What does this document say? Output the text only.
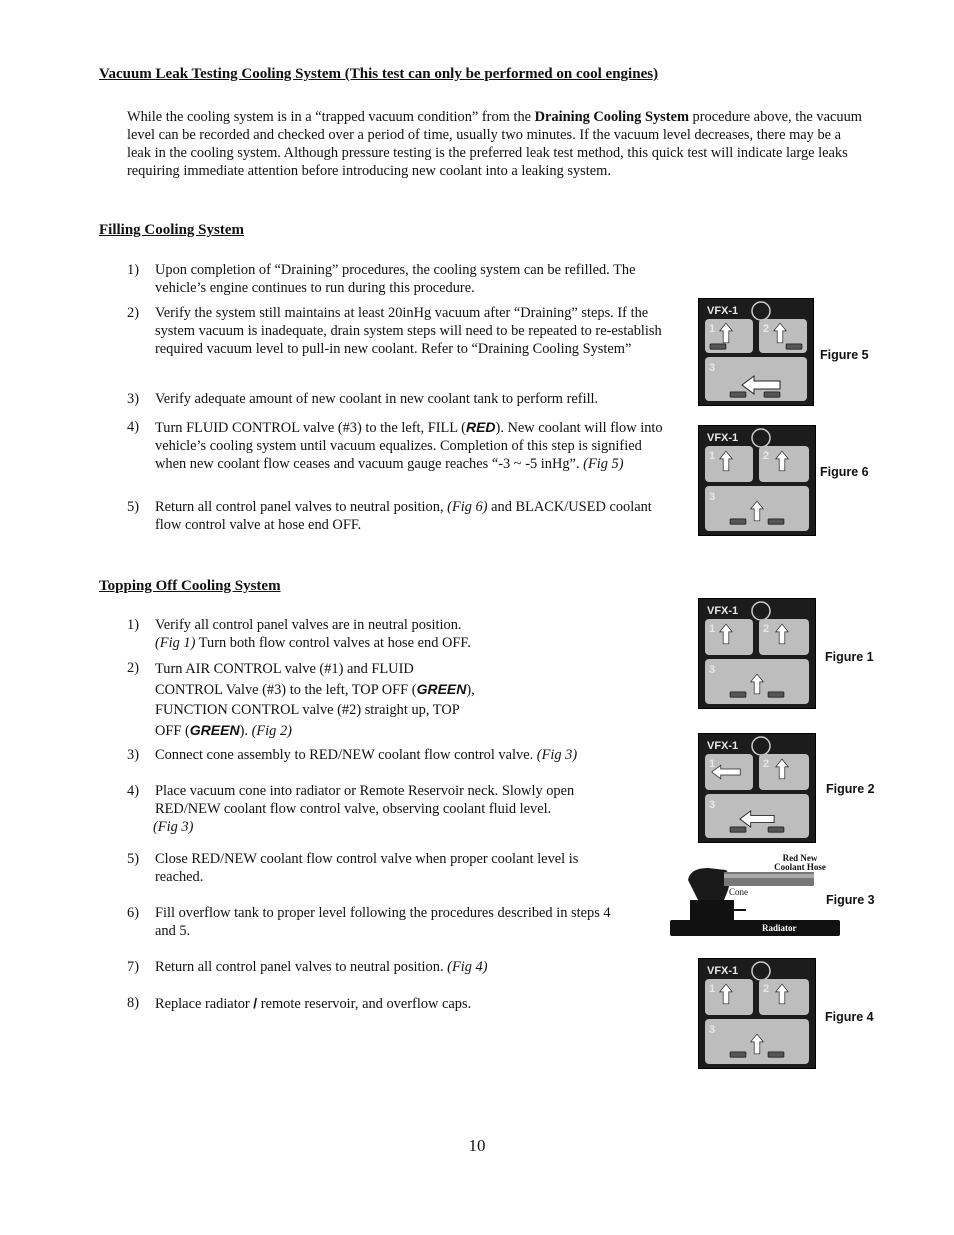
Vacuum Leak Testing Cooling System (This test can only be performed on cool engines)

While the cooling system is in a “trapped vacuum condition” from the Draining Cooling System procedure above, the vacuum level can be recorded and checked over a period of time, usually two minutes. If the vacuum level decreases, there may be a leak in the cooling system. Although pressure testing is the preferred leak test method, this quick test will indicate large leaks requiring immediate attention before introducing new coolant into a leaking system.

Filling Cooling System
1)	Upon completion of “Draining” procedures, the cooling system can be refilled. The vehicle’s engine continues to run during this procedure.

2)	Verify the system still maintains at least 20inHg vacuum after “Draining” steps. If the system vacuum is inadequate, drain system steps will need to be repeated to re-establish required vacuum level to pull-in new coolant. Refer to “Draining Cooling System”

3)	Verify adequate amount of new coolant in new coolant tank to perform refill.

4)	Turn FLUID CONTROL valve (#3) to the left, FILL (RED). New coolant will flow into vehicle’s cooling system until vacuum equalizes. Completion of this step is signified when new coolant flow ceases and vacuum gauge reaches “-3 ~ -5 inHg”. (Fig 5)

5)	Return all control panel valves to neutral position, (Fig 6) and BLACK/USED coolant flow control valve at hose end OFF.

Topping Off Cooling System
1)	Verify all control panel valves are in neutral position.
(Fig 1) Turn both flow control valves at hose end OFF.

2)	Turn AIR CONTROL valve (#1) and FLUID
CONTROL Valve (#3) to the left, TOP OFF (GREEN),
FUNCTION CONTROL valve (#2) straight up, TOP
OFF (GREEN). (Fig 2)

3)	Connect cone assembly to RED/NEW coolant flow control valve. (Fig 3)

4)	Place vacuum cone into radiator or Remote Reservoir neck. Slowly open RED/NEW coolant flow control valve, observing coolant fluid level.

(Fig 3)
5)	Close RED/NEW coolant flow control valve when proper coolant level is reached.

6)	Fill overflow tank to proper level following the procedures described in steps 4 and 5.

7)	Return all control panel valves to neutral position. (Fig 4)

8)	Replace radiator / remote reservoir, and overflow caps.

VFX-1
1	2
3
Figure 5
VFX-1
1	2
3
Figure 6
VFX-1
1	2
3
Figure 1
VFX-1
1	2
3
Figure 2
Red New
Coolant Hose
Cone
Radiator
Figure 3
VFX-1
1	2
3
Figure 4
10
